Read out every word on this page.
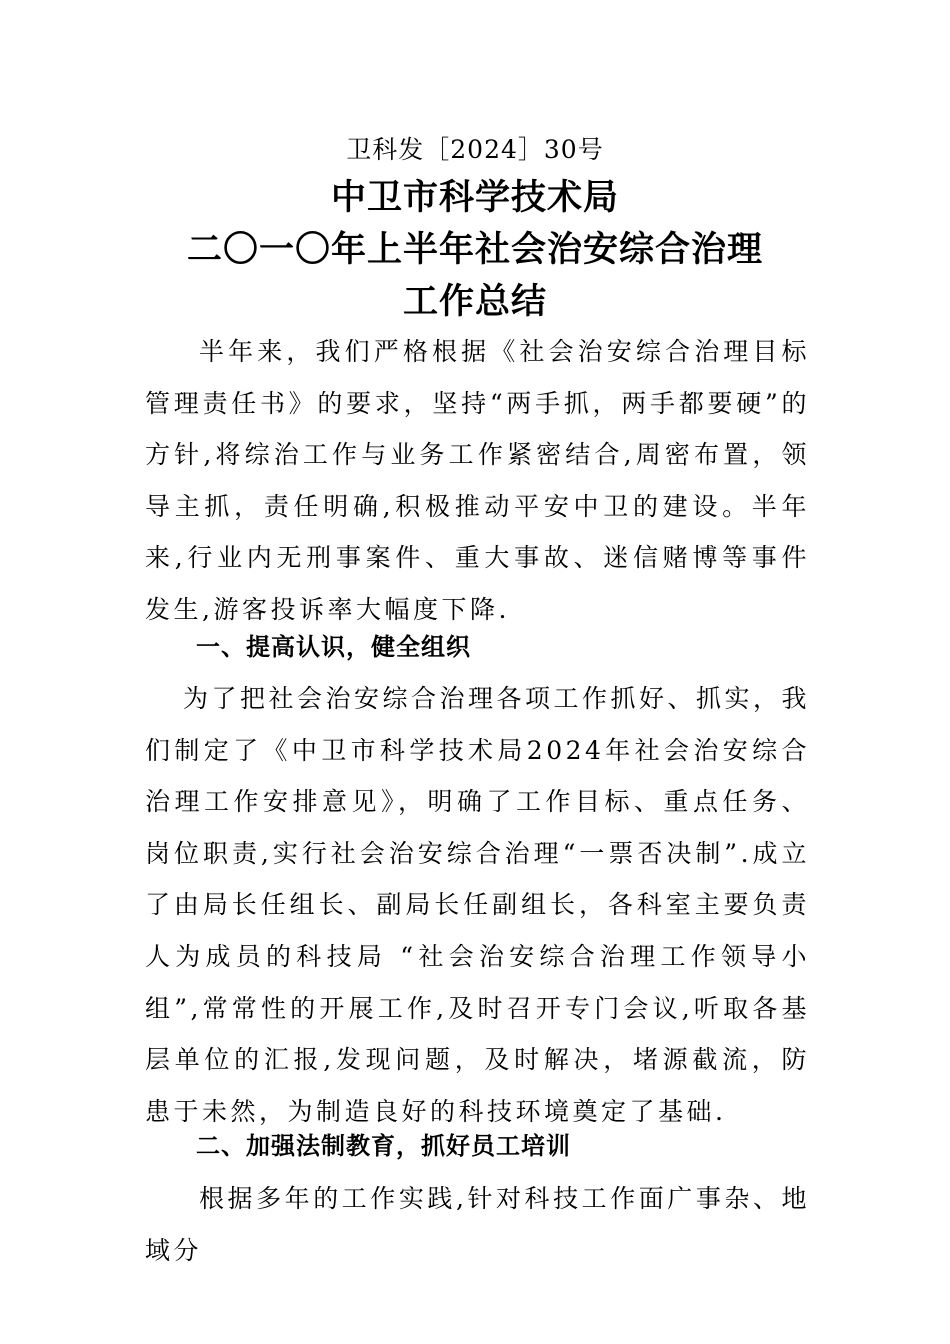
卫科发［2024］30号
中卫市科学技术局
二〇一〇年上半年社会治安综合治理
工作总结

半年来，我们严格根据《社会治安综合治理目标管理责任书》的要求，坚持“两手抓，两手都要硬”的方针,将综治工作与业务工作紧密结合,周密布置，领导主抓，责任明确,积极推动平安中卫的建设。半年来,行业内无刑事案件、重大事故、迷信赌博等事件发生,游客投诉率大幅度下降.

一、提高认识，健全组织

为了把社会治安综合治理各项工作抓好、抓实，我们制定了《中卫市科学技术局2024年社会治安综合治理工作安排意见》，明确了工作目标、重点任务、岗位职责,实行社会治安综合治理“一票否决制”.成立了由局长任组长、副局长任副组长，各科室主要负责人为成员的科技局 “社会治安综合治理工作领导小组”,常常性的开展工作,及时召开专门会议,听取各基层单位的汇报,发现问题，及时解决，堵源截流，防患于未然，为制造良好的科技环境奠定了基础.

二、加强法制教育，抓好员工培训

根据多年的工作实践,针对科技工作面广事杂、地域分
